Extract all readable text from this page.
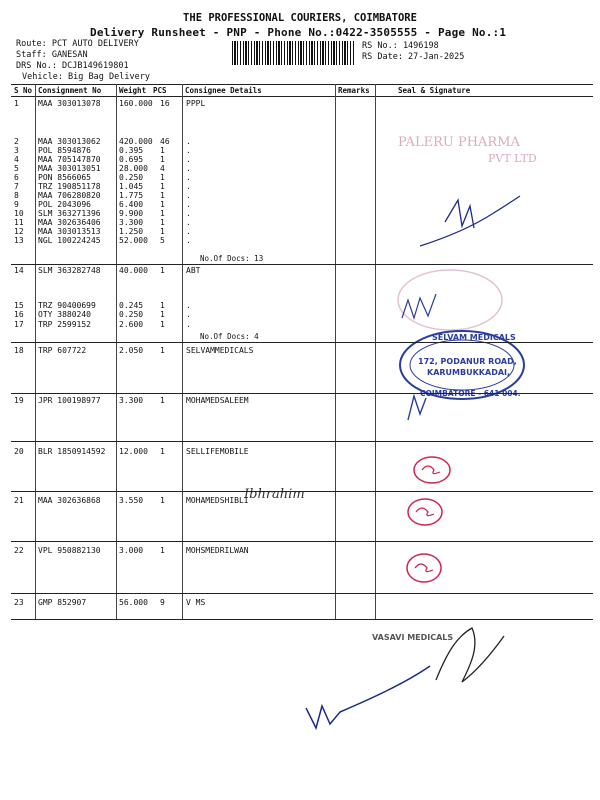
THE PROFESSIONAL COURIERS, COIMBATORE
Delivery Runsheet - PNP - Phone No.:0422-3505555 - Page No.:1
Route: PCT AUTO DELIVERY
Staff: GANESAN
DRS No.: DCJB149619801
Vehicle: Big Bag Delivery
RS No.: 1496198
RS Date: 27-Jan-2025
S No Consignment No Weight PCS Consignee Details	Remarks	Seal & Signature
1 MAA 303013078 160.000 16 PPPL
2 MAA 303013062 420.000 46 .
3 POL 8594876	0.395 1	.
4 MAA 705147870 0.695 1	.
5 MAA 303013051 28.000 4	.
6 PON 8566065	0.250 1	.
7 TRZ 190851178 1.045 1	.
8 MAA 706280820 1.775 1	.
9 POL 2043096	6.400 1	.
10 SLM 363271396 9.900 1	.
11 MAA 302636406 3.300 1	.
12 MAA 303013513 1.250 1	.
13 NGL 100224245 52.000 5	.
No.Of Docs: 13
14 SLM 363282748 40.000 1	ABT
15 TRZ 90400699	0.245 1	.
16 OTY 3880240	0.250 1	.
17 TRP 2599152	2.600 1	.
No.Of Docs: 4
18 TRP 607722	2.050 1	SELVAMMEDICALS
19 JPR 100198977 3.300 1	MOHAMEDSALEEM
20 BLR 1850914592 12.000 1	SELLIFEMOBILE
21 MAA 302636868 3.550 1	MOHAMEDSHIBLI
22 VPL 950882130 3.000 1	MOHSMEDRILWAN
23 GMP 852907	56.000 9	V MS
PALERU PHARMA
PVT LTD
SELVAM MEDICALS
172, PODANUR ROAD,
KARUMBUKKADAI,
COIMBATORE - 641 004.
Ibhrahim
VASAVI MEDICALS
